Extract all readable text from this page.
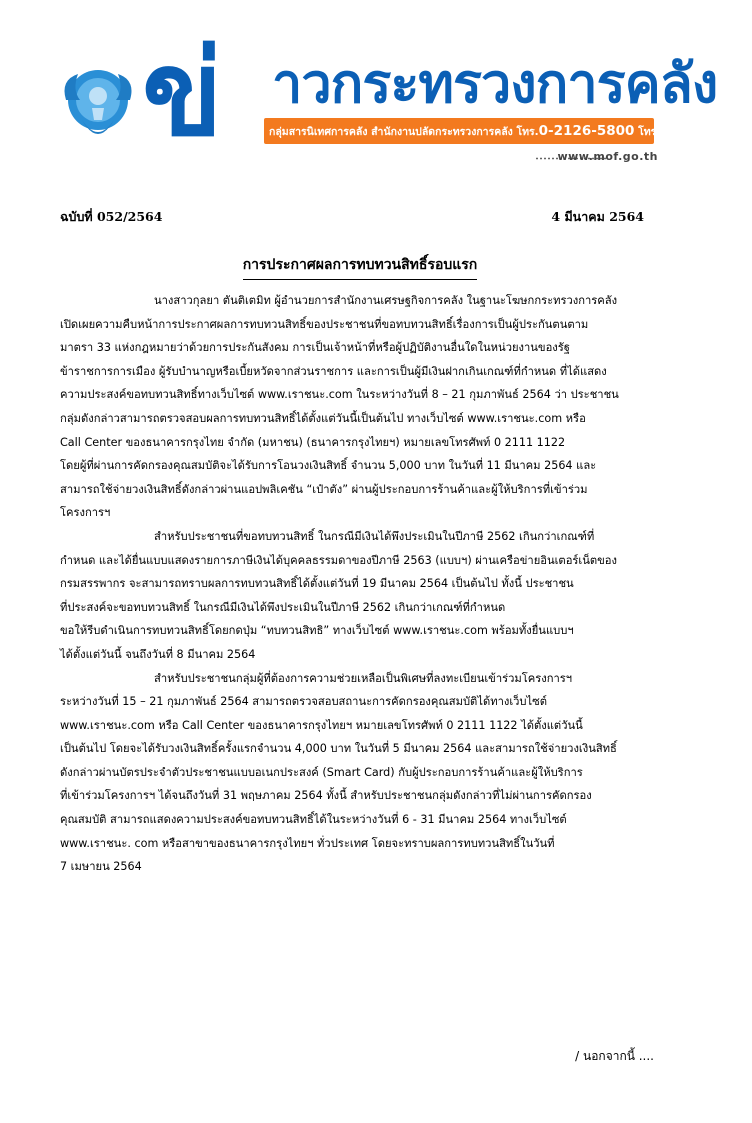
ข่ าวกระทรวงการคลัง
กลุ่มสารนิเทศการคลัง สำนักงานปลัดกระทรวงการคลัง โทร.0-2126-5800 โทรสาร 0-2273-9763
www.mof.go.th
ฉบับที่ 052/2564	4 มีนาคม 2564
การประกาศผลการทบทวนสิทธิ์รอบแรก
นางสาวกุลยา ตันติเตมิท ผู้อำนวยการสำนักงานเศรษฐกิจการคลัง ในฐานะโฆษกกระทรวงการคลัง
เปิดเผยความคืบหน้าการประกาศผลการทบทวนสิทธิ์ของประชาชนที่ขอทบทวนสิทธิ์เรื่องการเป็นผู้ประกันตนตาม
มาตรา 33 แห่งกฎหมายว่าด้วยการประกันสังคม การเป็นเจ้าหน้าที่หรือผู้ปฏิบัติงานอื่นใดในหน่วยงานของรัฐ
ข้าราชการการเมือง ผู้รับบำนาญหรือเบี้ยหวัดจากส่วนราชการ และการเป็นผู้มีเงินฝากเกินเกณฑ์ที่กำหนด ที่ได้แสดง
ความประสงค์ขอทบทวนสิทธิ์ทางเว็บไซต์ www.เราชนะ.com ในระหว่างวันที่ 8 – 21 กุมภาพันธ์ 2564 ว่า ประชาชน
กลุ่มดังกล่าวสามารถตรวจสอบผลการทบทวนสิทธิ์ได้ตั้งแต่วันนี้เป็นต้นไป ทางเว็บไซต์ www.เราชนะ.com หรือ
Call Center ของธนาคารกรุงไทย จำกัด (มหาชน) (ธนาคารกรุงไทยฯ) หมายเลขโทรศัพท์ 0 2111 1122
โดยผู้ที่ผ่านการคัดกรองคุณสมบัติจะได้รับการโอนวงเงินสิทธิ์ จำนวน 5,000 บาท ในวันที่ 11 มีนาคม 2564 และ
สามารถใช้จ่ายวงเงินสิทธิ์ดังกล่าวผ่านแอปพลิเคชัน “เป๋าตัง” ผ่านผู้ประกอบการร้านค้าและผู้ให้บริการที่เข้าร่วม
โครงการฯ
สำหรับประชาชนที่ขอทบทวนสิทธิ์ ในกรณีมีเงินได้พึงประเมินในปีภาษี 2562 เกินกว่าเกณฑ์ที่
กำหนด และได้ยื่นแบบแสดงรายการภาษีเงินได้บุคคลธรรมดาของปีภาษี 2563 (แบบฯ) ผ่านเครือข่ายอินเตอร์เน็ตของ
กรมสรรพากร จะสามารถทราบผลการทบทวนสิทธิ์ได้ตั้งแต่วันที่ 19 มีนาคม 2564 เป็นต้นไป ทั้งนี้ ประชาชน
ที่ประสงค์จะขอทบทวนสิทธิ์ ในกรณีมีเงินได้พึงประเมินในปีภาษี 2562 เกินกว่าเกณฑ์ที่กำหนด
ขอให้รีบดำเนินการทบทวนสิทธิ์โดยกดปุ่ม “ทบทวนสิทธิ” ทางเว็บไซต์ www.เราชนะ.com พร้อมทั้งยื่นแบบฯ
ได้ตั้งแต่วันนี้ จนถึงวันที่ 8 มีนาคม 2564
สำหรับประชาชนกลุ่มผู้ที่ต้องการความช่วยเหลือเป็นพิเศษที่ลงทะเบียนเข้าร่วมโครงการฯ
ระหว่างวันที่ 15 – 21 กุมภาพันธ์ 2564 สามารถตรวจสอบสถานะการคัดกรองคุณสมบัติได้ทางเว็บไซต์
www.เราชนะ.com หรือ Call Center ของธนาคารกรุงไทยฯ หมายเลขโทรศัพท์ 0 2111 1122 ได้ตั้งแต่วันนี้
เป็นต้นไป โดยจะได้รับวงเงินสิทธิ์ครั้งแรกจำนวน 4,000 บาท ในวันที่ 5 มีนาคม 2564 และสามารถใช้จ่ายวงเงินสิทธิ์
ดังกล่าวผ่านบัตรประจำตัวประชาชนแบบอเนกประสงค์ (Smart Card) กับผู้ประกอบการร้านค้าและผู้ให้บริการ
ที่เข้าร่วมโครงการฯ ได้จนถึงวันที่ 31 พฤษภาคม 2564 ทั้งนี้ สำหรับประชาชนกลุ่มดังกล่าวที่ไม่ผ่านการคัดกรอง
คุณสมบัติ สามารถแสดงความประสงค์ขอทบทวนสิทธิ์ได้ในระหว่างวันที่ 6 - 31 มีนาคม 2564 ทางเว็บไซต์
www.เราชนะ. com หรือสาขาของธนาคารกรุงไทยฯ ทั่วประเทศ โดยจะทราบผลการทบทวนสิทธิ์ในวันที่
7 เมษายน 2564
/ นอกจากนี้ ....
